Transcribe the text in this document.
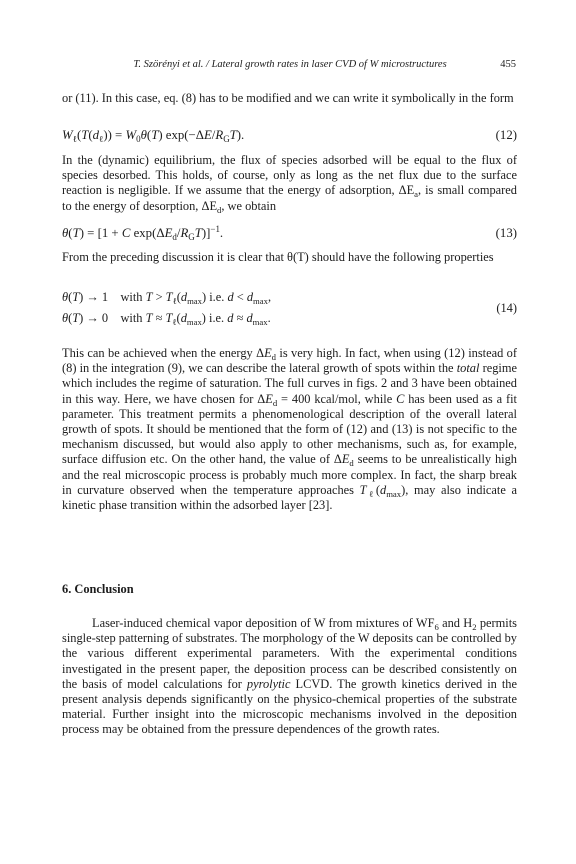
T. Szörényi et al. / Lateral growth rates in laser CVD of W microstructures	455
or (11). In this case, eq. (8) has to be modified and we can write it symbolically in the form
$W_\ell(T(d_\ell)) = W_0\theta(T)$ $\exp(-\Delta E/R_GT)$.	(12)
In the (dynamic) equilibrium, the flux of species adsorbed will be equal to the flux of species desorbed. This holds, of course, only as long as the net flux due to the surface reaction is negligible. If we assume that the energy of adsorption, $\Delta E_a$, is small compared to the energy of desorption, $\Delta E_d$, we obtain
θ(T) = [1 + C $\exp(\Delta E_d/R_GT)]^{-1}$.	(13)
From the preceding discussion it is clear that θ(T) should have the following properties
θ(T) → 1    with $T > T_\ell(d_{max})$ i.e. $d < d_{max}$,
θ(T) → 0    with $T \approx T_\ell(d_{max})$ i.e. $d \approx d_{max}$.
(14)
This can be achieved when the energy $\Delta E_d$ is very high. In fact, when using (12) instead of (8) in the integration (9), we can describe the lateral growth of spots within the total regime which includes the regime of saturation. The full curves in figs. 2 and 3 have been obtained in this way. Here, we have chosen for $\Delta E_d = 400$ kcal/mol, while C has been used as a fit parameter. This treatment permits a phenomenological description of the overall lateral growth of spots. It should be mentioned that the form of (12) and (13) is not specific to the mechanism discussed, but would also apply to other mechanisms, such as, for example, surface diffusion etc. On the other hand, the value of $\Delta E_d$ seems to be unrealistically high and the real microscopic process is probably much more complex. In fact, the sharp break in curvature observed when the temperature approaches $T_\ell(d_{max})$, may also indicate a kinetic phase transition within the adsorbed layer [23].
6. Conclusion
Laser-induced chemical vapor deposition of W from mixtures of $WF_6$ and $H_2$ permits single-step patterning of substrates. The morphology of the W deposits can be controlled by the various different experimental parameters. With the experimental conditions investigated in the present paper, the deposition process can be described consistently on the basis of model calculations for pyrolytic LCVD. The growth kinetics derived in the present analysis depends significantly on the physico-chemical properties of the substrate material. Further insight into the microscopic mechanisms involved in the deposition process may be obtained from the pressure dependences of the growth rates.
